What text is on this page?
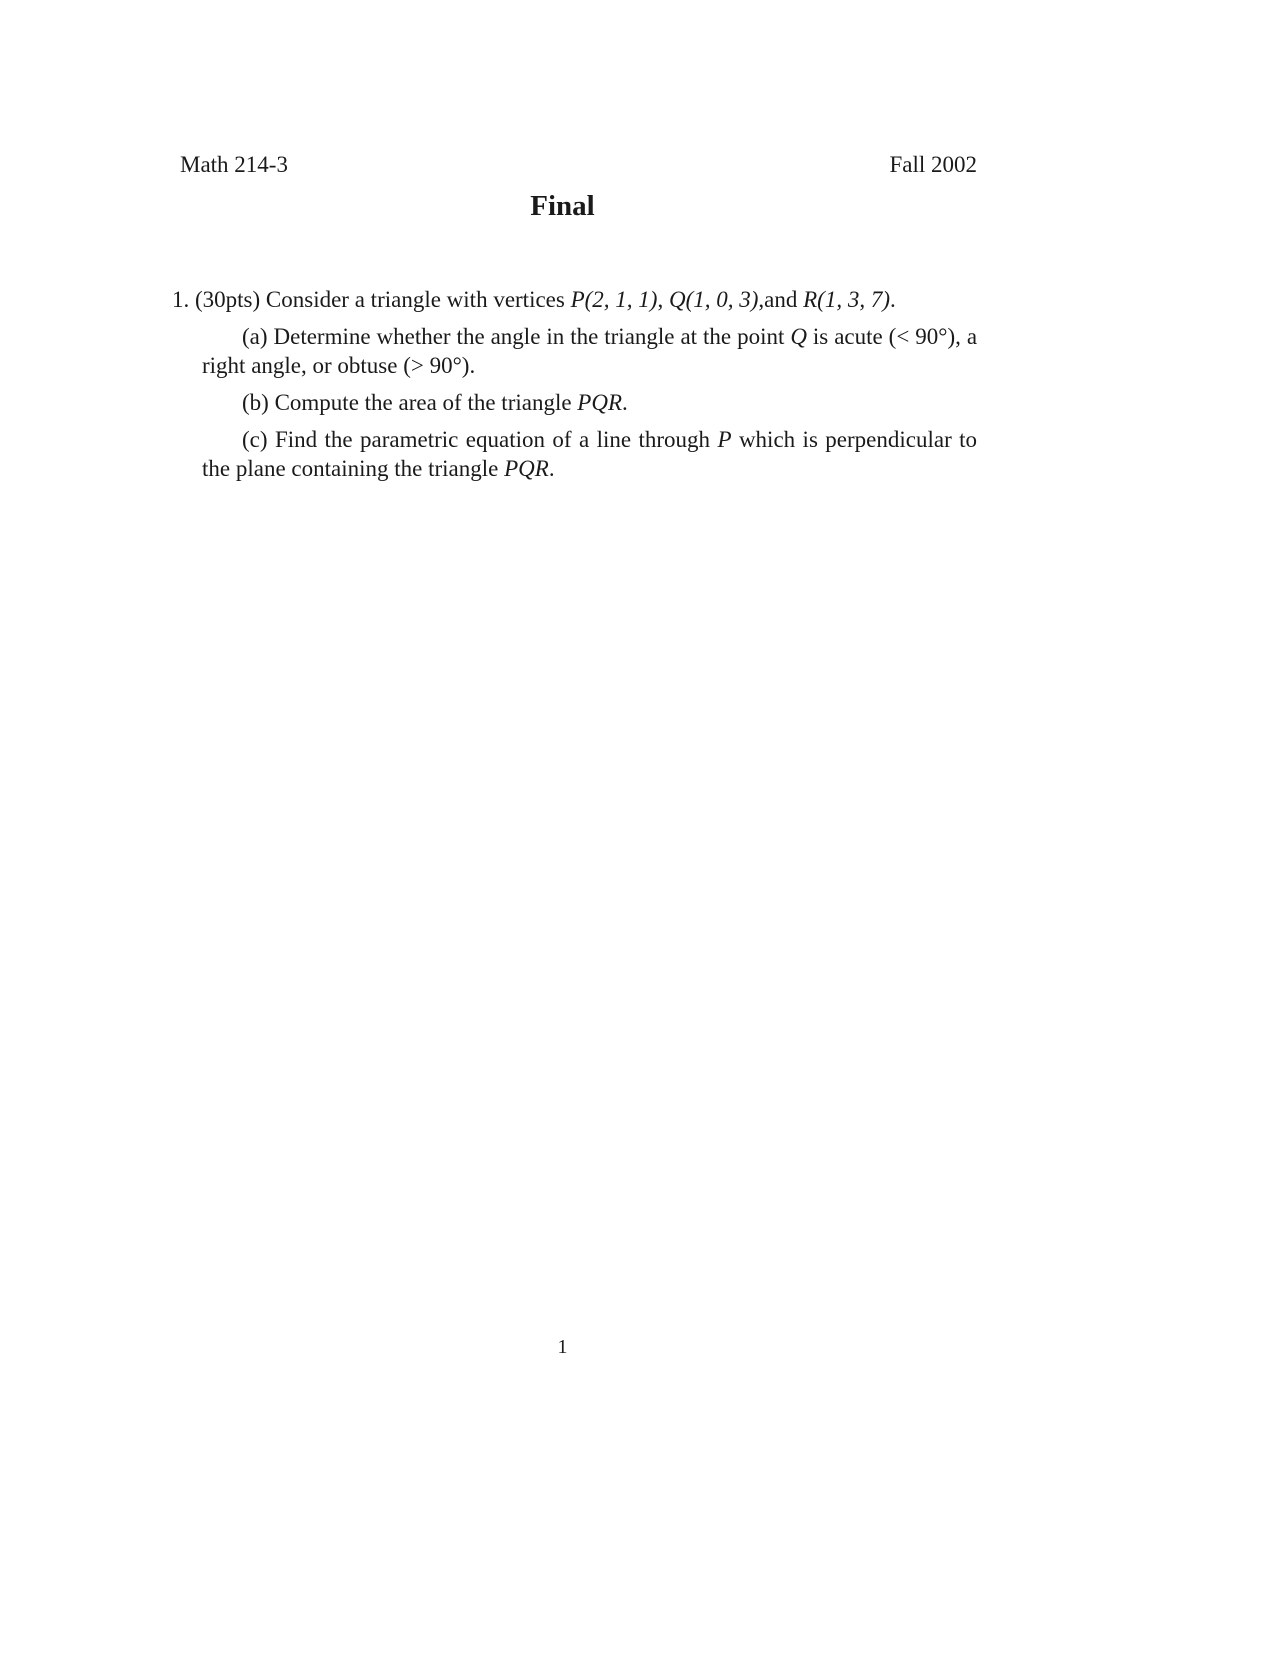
Math 214-3	Fall 2002
Final
1. (30pts) Consider a triangle with vertices P(2, 1, 1), Q(1, 0, 3),and R(1, 3, 7).
(a) Determine whether the angle in the triangle at the point Q is acute (< 90°), a right angle, or obtuse (> 90°).
(b) Compute the area of the triangle PQR.
(c) Find the parametric equation of a line through P which is perpendicular to the plane containing the triangle PQR.
1
